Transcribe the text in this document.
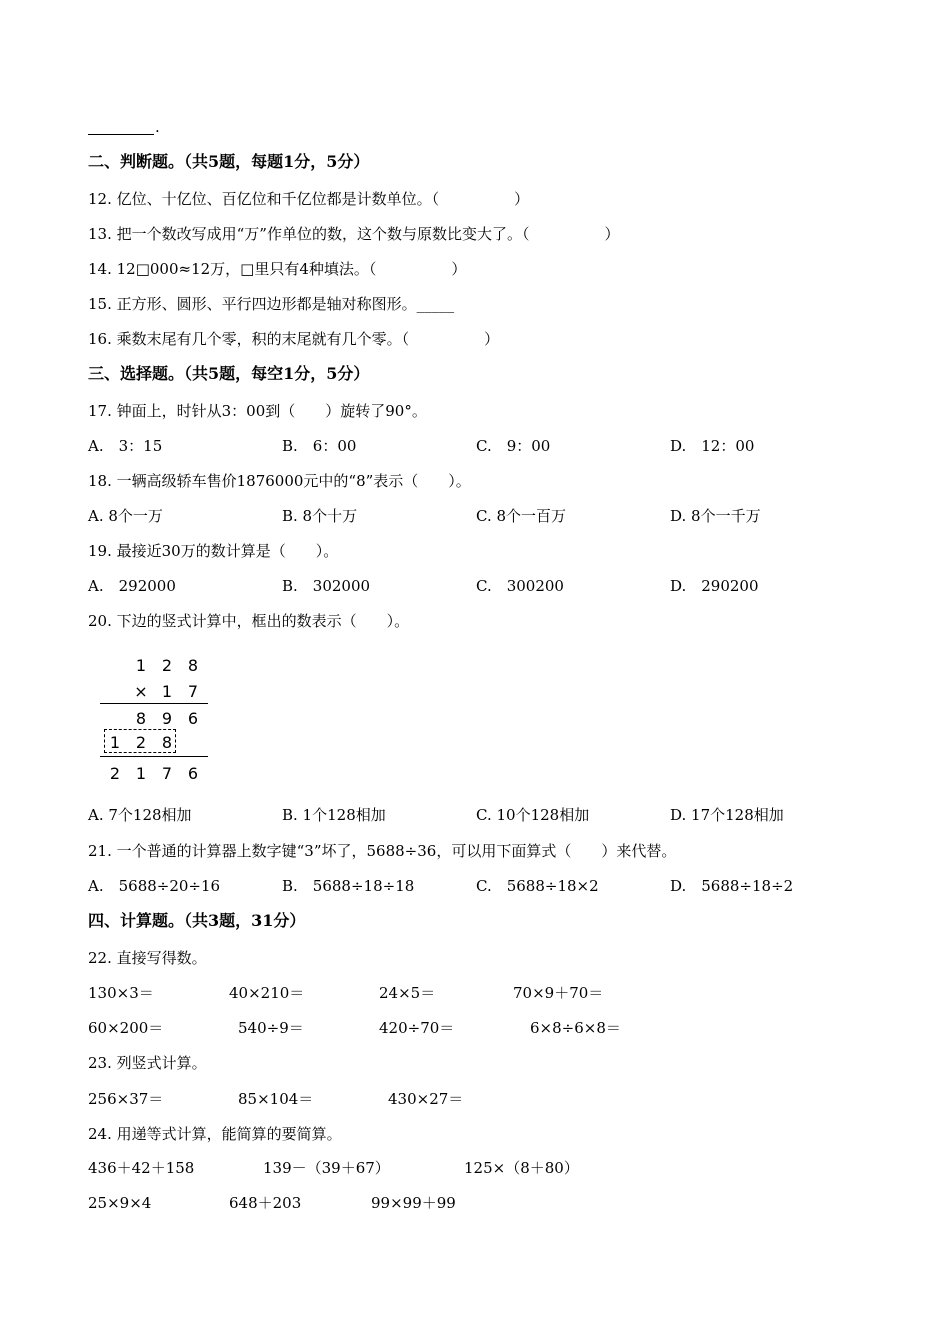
.
二、判断题。（共5题，每题1分，5分）
12. 亿位、十亿位、百亿位和千亿位都是计数单位。（　　　　　）
13. 把一个数改写成用“万”作单位的数，这个数与原数比变大了。（　　　　　）
14. 12□000≈12万，□里只有4种填法。（　　　　　）
15. 正方形、圆形、平行四边形都是轴对称图形。_____
16. 乘数末尾有几个零，积的末尾就有几个零。（　　　　　）
三、选择题。（共5题，每空1分，5分）
17. 钟面上，时针从3：00到（　　）旋转了90°。
A.　3：15	B.　6：00	C.　9：00	D.　12：00
18. 一辆高级轿车售价1876000元中的“8”表示（　　）。
A. 8个一万	B. 8个十万	C. 8个一百万	D. 8个一千万
19. 最接近30万的数计算是（　　）。
A.　292000	B.　302000	C.　300200	D.　290200
20. 下边的竖式计算中，框出的数表示（　　）。
1 2 8
× 1 7
8 9 6
1 2 8
2 1 7 6
A. 7个128相加	B. 1个128相加	C. 10个128相加	D. 17个128相加
21. 一个普通的计算器上数字键“3”坏了，5688÷36，可以用下面算式（　　）来代替。
A.　5688÷20÷16	B.　5688÷18÷18	C.　5688÷18×2	D.　5688÷18÷2
四、计算题。（共3题，31分）
22. 直接写得数。
130×3＝	40×210＝	24×5＝	70×9＋70＝
60×200＝	540÷9＝	420÷70＝	6×8÷6×8＝
23. 列竖式计算。
256×37＝	85×104＝	430×27＝
24. 用递等式计算，能简算的要简算。
436＋42＋158	139－（39＋67）	125×（8＋80）
25×9×4	648＋203	99×99＋99
